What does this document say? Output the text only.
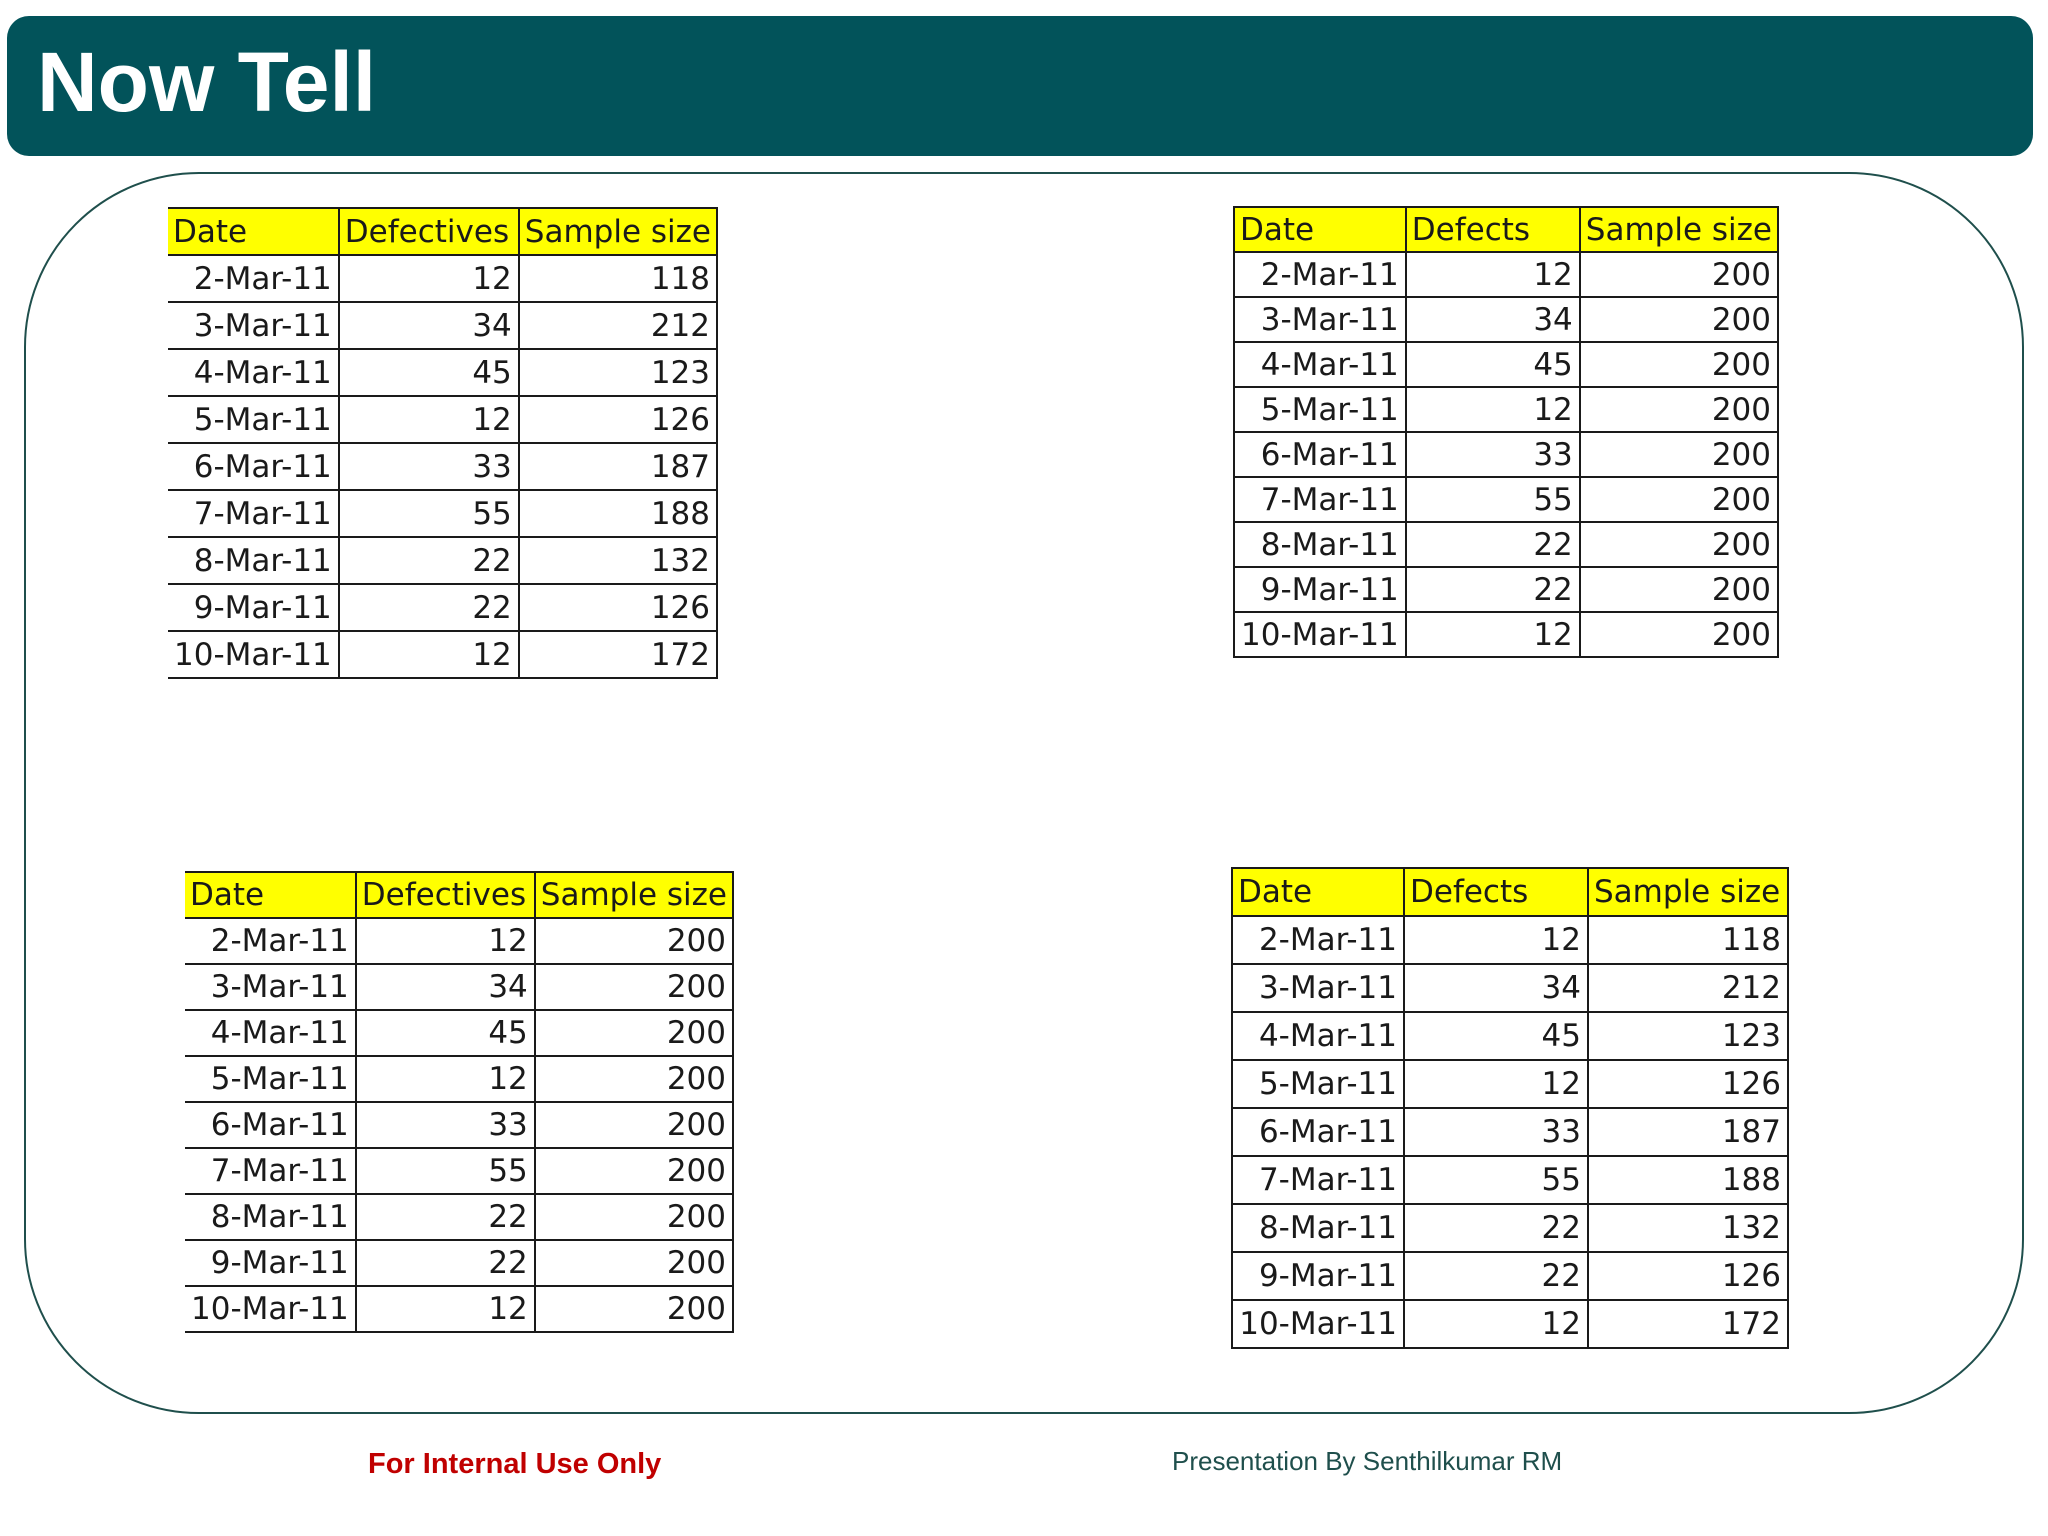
Now Tell
Date	Defectives	Sample size
2-Mar-11	12	118
3-Mar-11	34	212
4-Mar-11	45	123
5-Mar-11	12	126
6-Mar-11	33	187
7-Mar-11	55	188
8-Mar-11	22	132
9-Mar-11	22	126
10-Mar-11	12	172
Date	Defects	Sample size
2-Mar-11	12	200
3-Mar-11	34	200
4-Mar-11	45	200
5-Mar-11	12	200
6-Mar-11	33	200
7-Mar-11	55	200
8-Mar-11	22	200
9-Mar-11	22	200
10-Mar-11	12	200
Date	Defectives	Sample size
2-Mar-11	12	200
3-Mar-11	34	200
4-Mar-11	45	200
5-Mar-11	12	200
6-Mar-11	33	200
7-Mar-11	55	200
8-Mar-11	22	200
9-Mar-11	22	200
10-Mar-11	12	200
Date	Defects	Sample size
2-Mar-11	12	118
3-Mar-11	34	212
4-Mar-11	45	123
5-Mar-11	12	126
6-Mar-11	33	187
7-Mar-11	55	188
8-Mar-11	22	132
9-Mar-11	22	126
10-Mar-11	12	172
For Internal Use Only	Presentation By Senthilkumar RM
